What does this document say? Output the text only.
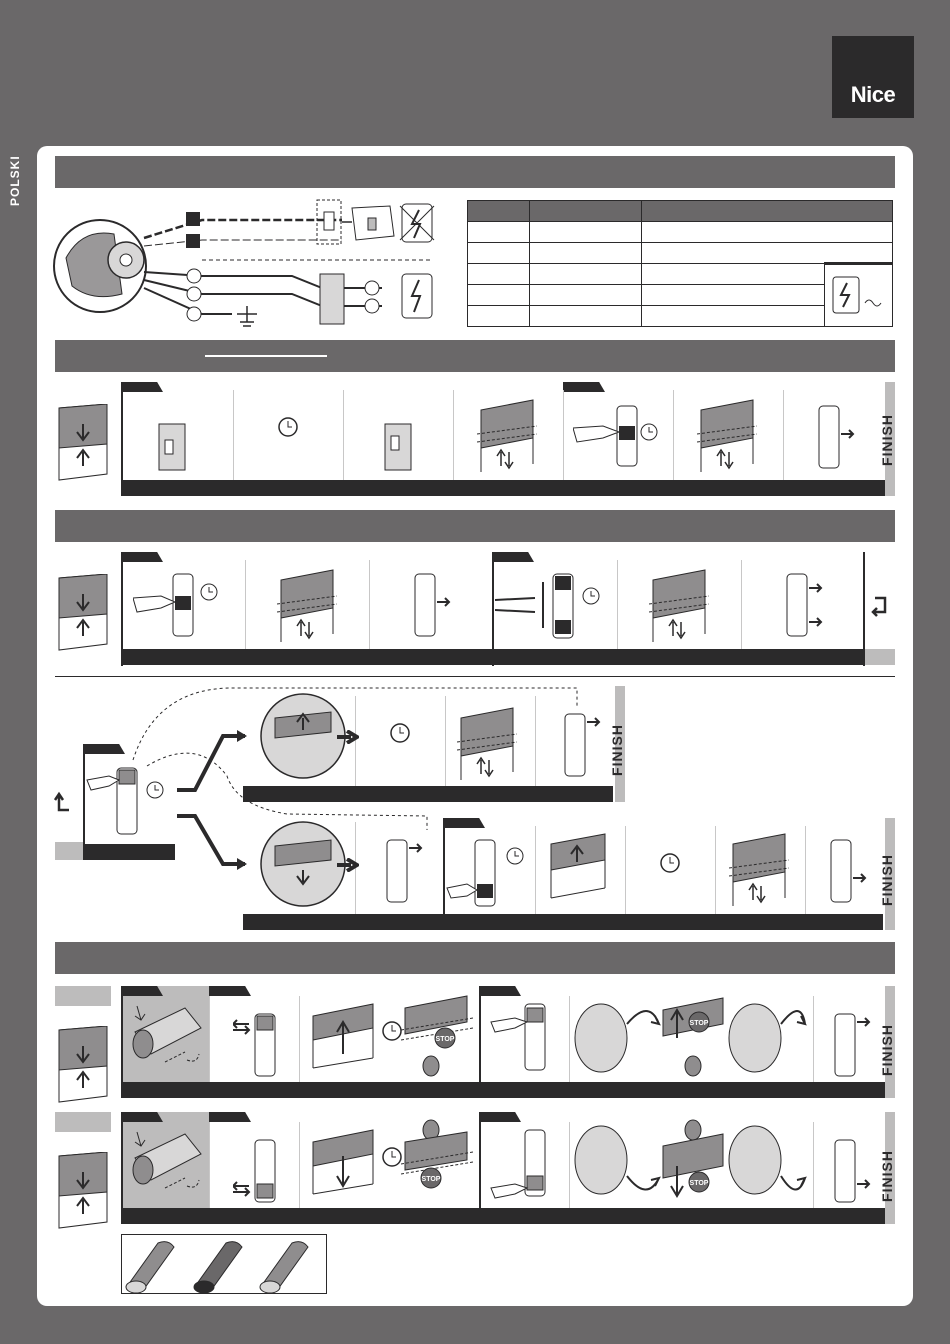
Nice
POLSKI

FINISH
FINISH
FINISH
STOP
STOP
FINISH
STOP
STOP	FINISH
